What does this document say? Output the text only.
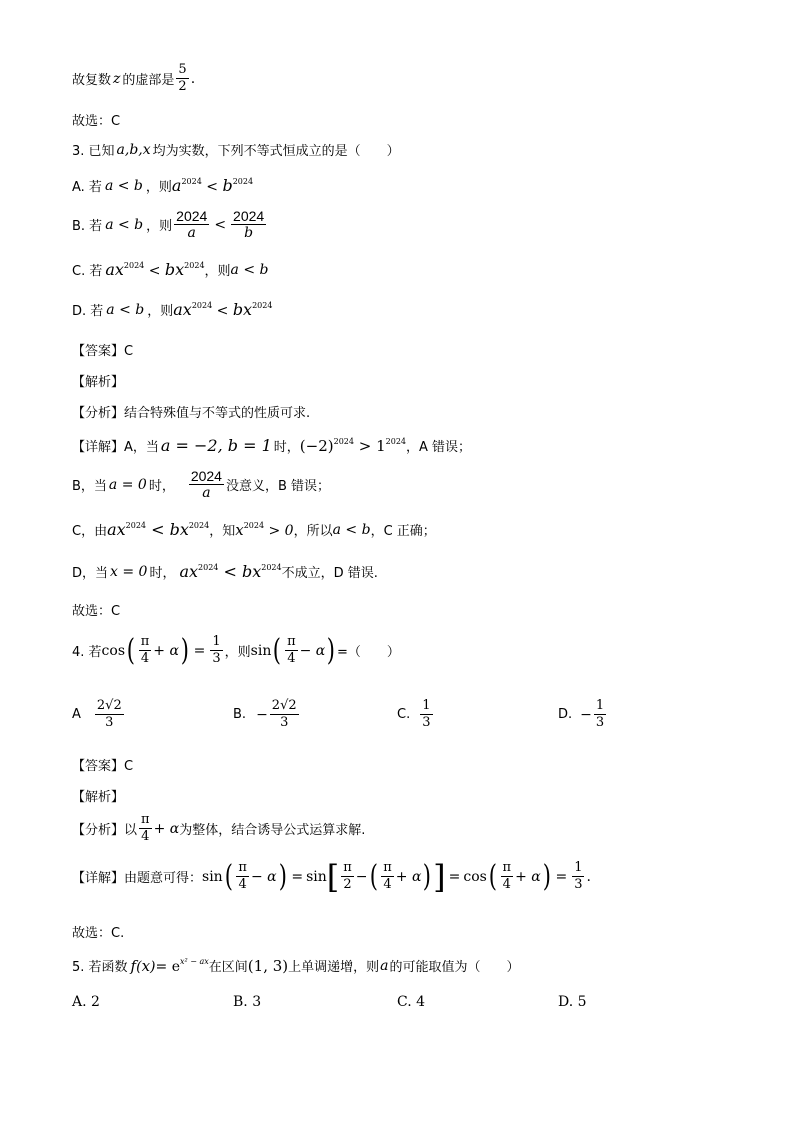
故复数 z 的虚部是 $\frac{5}{2}$ .
故选：C
3. 已知 a,b,x 均为实数，下列不等式恒成立的是（　　）
A. 若 a < b ，则 $a^{2024} < b^{2024}$
B. 若 a < b ，则 $\frac{2024}{a} < \frac{2024}{b}$
C. 若 $ax^{2024} < bx^{2024}$ ，则 a < b
D. 若 a < b ，则 $ax^{2024} < bx^{2024}$
【答案】C
【解析】
【分析】结合特殊值与不等式的性质可求.
【详解】A，当 a = −2, b = 1 时， $(-2)^{2024} > 1^{2024}$ ，A 错误；
B，当 a = 0 时， $\frac{2024}{a}$ 没意义，B 错误；
C，由 $ax^{2024} < bx^{2024}$ ，知 $x^{2024} > 0$ ，所以 a < b ，C 正确；
D，当 x = 0 时， $ax^{2024} < bx^{2024}$ 不成立，D 错误.
故选：C
4. 若 cos ( $\frac{\pi}{4} + \alpha$ ) = $\frac{1}{3}$ ，则 sin ( $\frac{\pi}{4} - \alpha$ ) =（　　）
A $\frac{2√2}{3}$	B. − $\frac{2√2}{3}$	C. $\frac{1}{3}$	D. − $\frac{1}{3}$
【答案】C
【解析】
【分析】以 $\frac{\pi}{4} + \alpha$ 为整体，结合诱导公式运算求解.
【详解】由题意可得： sin ( $\frac{\pi}{4} - \alpha$ ) = sin [ $\frac{\pi}{2}$ − ( $\frac{\pi}{4} + \alpha$ ) ] = cos ( $\frac{\pi}{4} + \alpha$ ) = $\frac{1}{3}$ .
故选：C.
5. 若函数 $f(x) = e^{x^2 - ax}$ 在区间 (1, 3) 上单调递增，则 a 的可能取值为（　　）
A. 2	B. 3	C. 4	D. 5
